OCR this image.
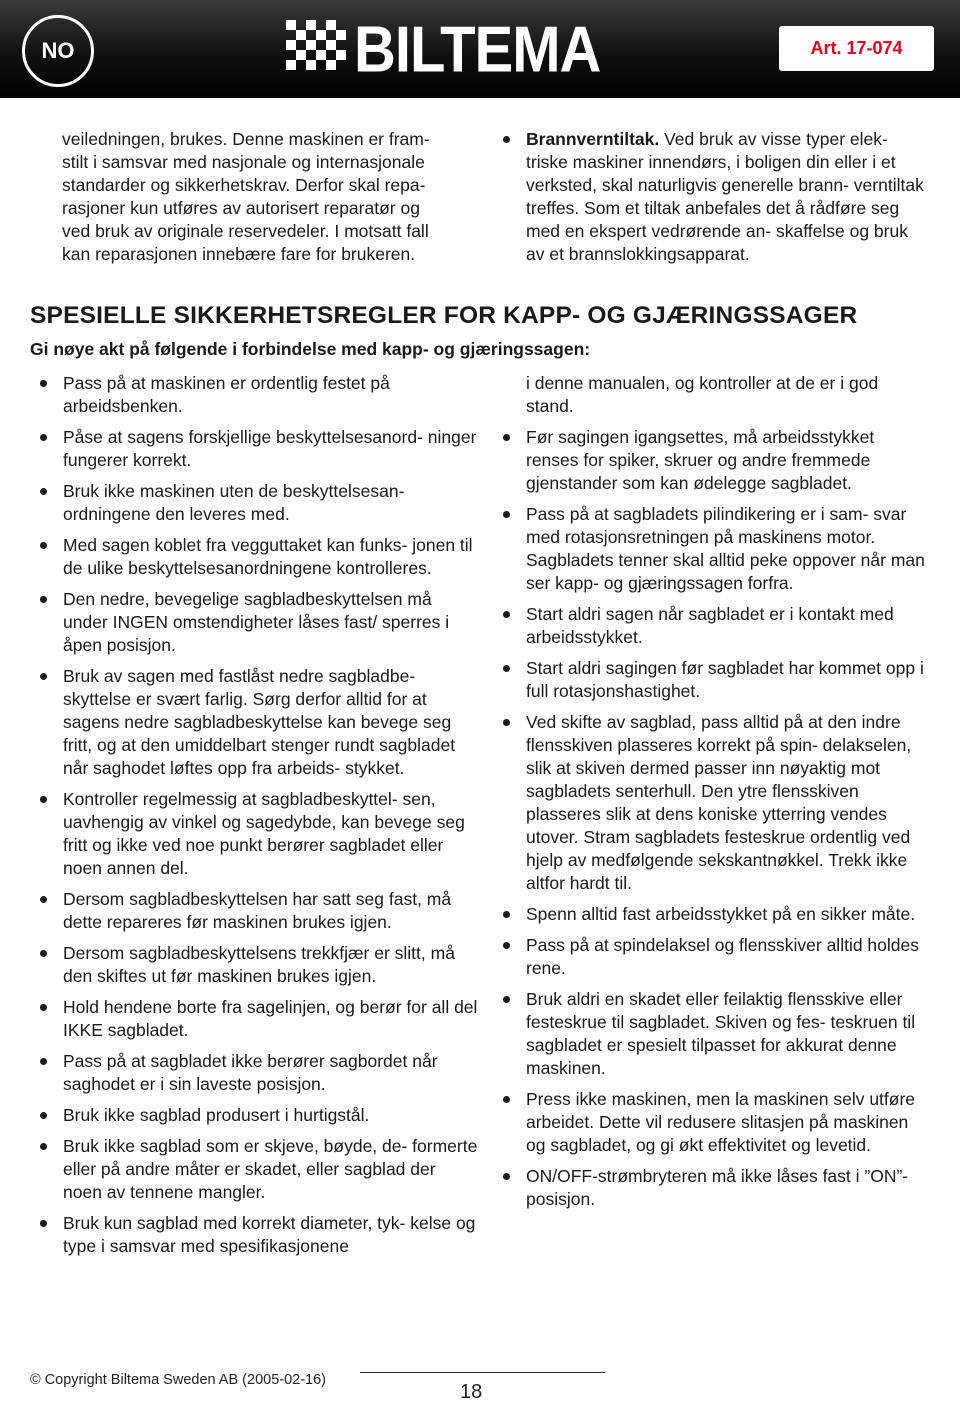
NO	BILTEMA	Art. 17-074

veiledningen, brukes. Denne maskinen er fram-

stilt i samsvar med nasjonale og internasjonale

standarder og sikkerhetskrav. Derfor skal repa-

rasjoner kun utføres av autorisert reparatør og

ved bruk av originale reservedeler. I motsatt fall

kan reparasjonen innebære fare for brukeren.

Brannverntiltak. Ved bruk av visse typer elek- triske maskiner innendørs, i boligen din eller i et verksted, skal naturligvis generelle brann- verntiltak treffes. Som et tiltak anbefales det å rådføre seg med en ekspert vedrørende an- skaffelse og bruk av et brannslokkingsapparat.
SPESIELLE SIKKERHETSREGLER FOR KAPP- OG GJÆRINGSSAGER
Gi nøye akt på følgende i forbindelse med kapp- og gjæringssagen:
Pass på at maskinen er ordentlig festet på arbeidsbenken.
Påse at sagens forskjellige beskyttelsesanord- ninger fungerer korrekt.
Bruk ikke maskinen uten de beskyttelsesan- ordningene den leveres med.
Med sagen koblet fra vegguttaket kan funks- jonen til de ulike beskyttelsesanordningene kontrolleres.
Den nedre, bevegelige sagbladbeskyttelsen må under INGEN omstendigheter låses fast/ sperres i åpen posisjon.
Bruk av sagen med fastlåst nedre sagbladbe- skyttelse er svært farlig. Sørg derfor alltid for at sagens nedre sagbladbeskyttelse kan bevege seg fritt, og at den umiddelbart stenger rundt sagbladet når saghodet løftes opp fra arbeids- stykket.
Kontroller regelmessig at sagbladbeskyttel- sen, uavhengig av vinkel og sagedybde, kan bevege seg fritt og ikke ved noe punkt berører sagbladet eller noen annen del.
Dersom sagbladbeskyttelsen har satt seg fast, må dette repareres før maskinen brukes igjen.
Dersom sagbladbeskyttelsens trekkfjær er slitt, må den skiftes ut før maskinen brukes igjen.
Hold hendene borte fra sagelinjen, og berør for all del IKKE sagbladet.
Pass på at sagbladet ikke berører sagbordet når saghodet er i sin laveste posisjon.
Bruk ikke sagblad produsert i hurtigstål.
Bruk ikke sagblad som er skjeve, bøyde, de- formerte eller på andre måter er skadet, eller sagblad der noen av tennene mangler.
Bruk kun sagblad med korrekt diameter, tyk- kelse og type i samsvar med spesifikasjonene
i denne manualen, og kontroller at de er i god stand.
Før sagingen igangsettes, må arbeidsstykket renses for spiker, skruer og andre fremmede gjenstander som kan ødelegge sagbladet.
Pass på at sagbladets pilindikering er i sam- svar med rotasjonsretningen på maskinens motor. Sagbladets tenner skal alltid peke oppover når man ser kapp- og gjæringssagen forfra.
Start aldri sagen når sagbladet er i kontakt med arbeidsstykket.
Start aldri sagingen før sagbladet har kommet opp i full rotasjonshastighet.
Ved skifte av sagblad, pass alltid på at den indre flensskiven plasseres korrekt på spin- delakselen, slik at skiven dermed passer inn nøyaktig mot sagbladets senterhull. Den ytre flensskiven plasseres slik at dens koniske ytterring vendes utover. Stram sagbladets festeskrue ordentlig ved hjelp av medfølgende sekskantnøkkel. Trekk ikke altfor hardt til.
Spenn alltid fast arbeidsstykket på en sikker måte.
Pass på at spindelaksel og flensskiver alltid holdes rene.
Bruk aldri en skadet eller feilaktig flensskive eller festeskrue til sagbladet. Skiven og fes- teskruen til sagbladet er spesielt tilpasset for akkurat denne maskinen.
Press ikke maskinen, men la maskinen selv utføre arbeidet. Dette vil redusere slitasjen på maskinen og sagbladet, og gi økt effektivitet og levetid.
ON/OFF-strømbryteren må ikke låses fast i ”ON”-posisjon.
© Copyright Biltema Sweden AB (2005-02-16)
18
